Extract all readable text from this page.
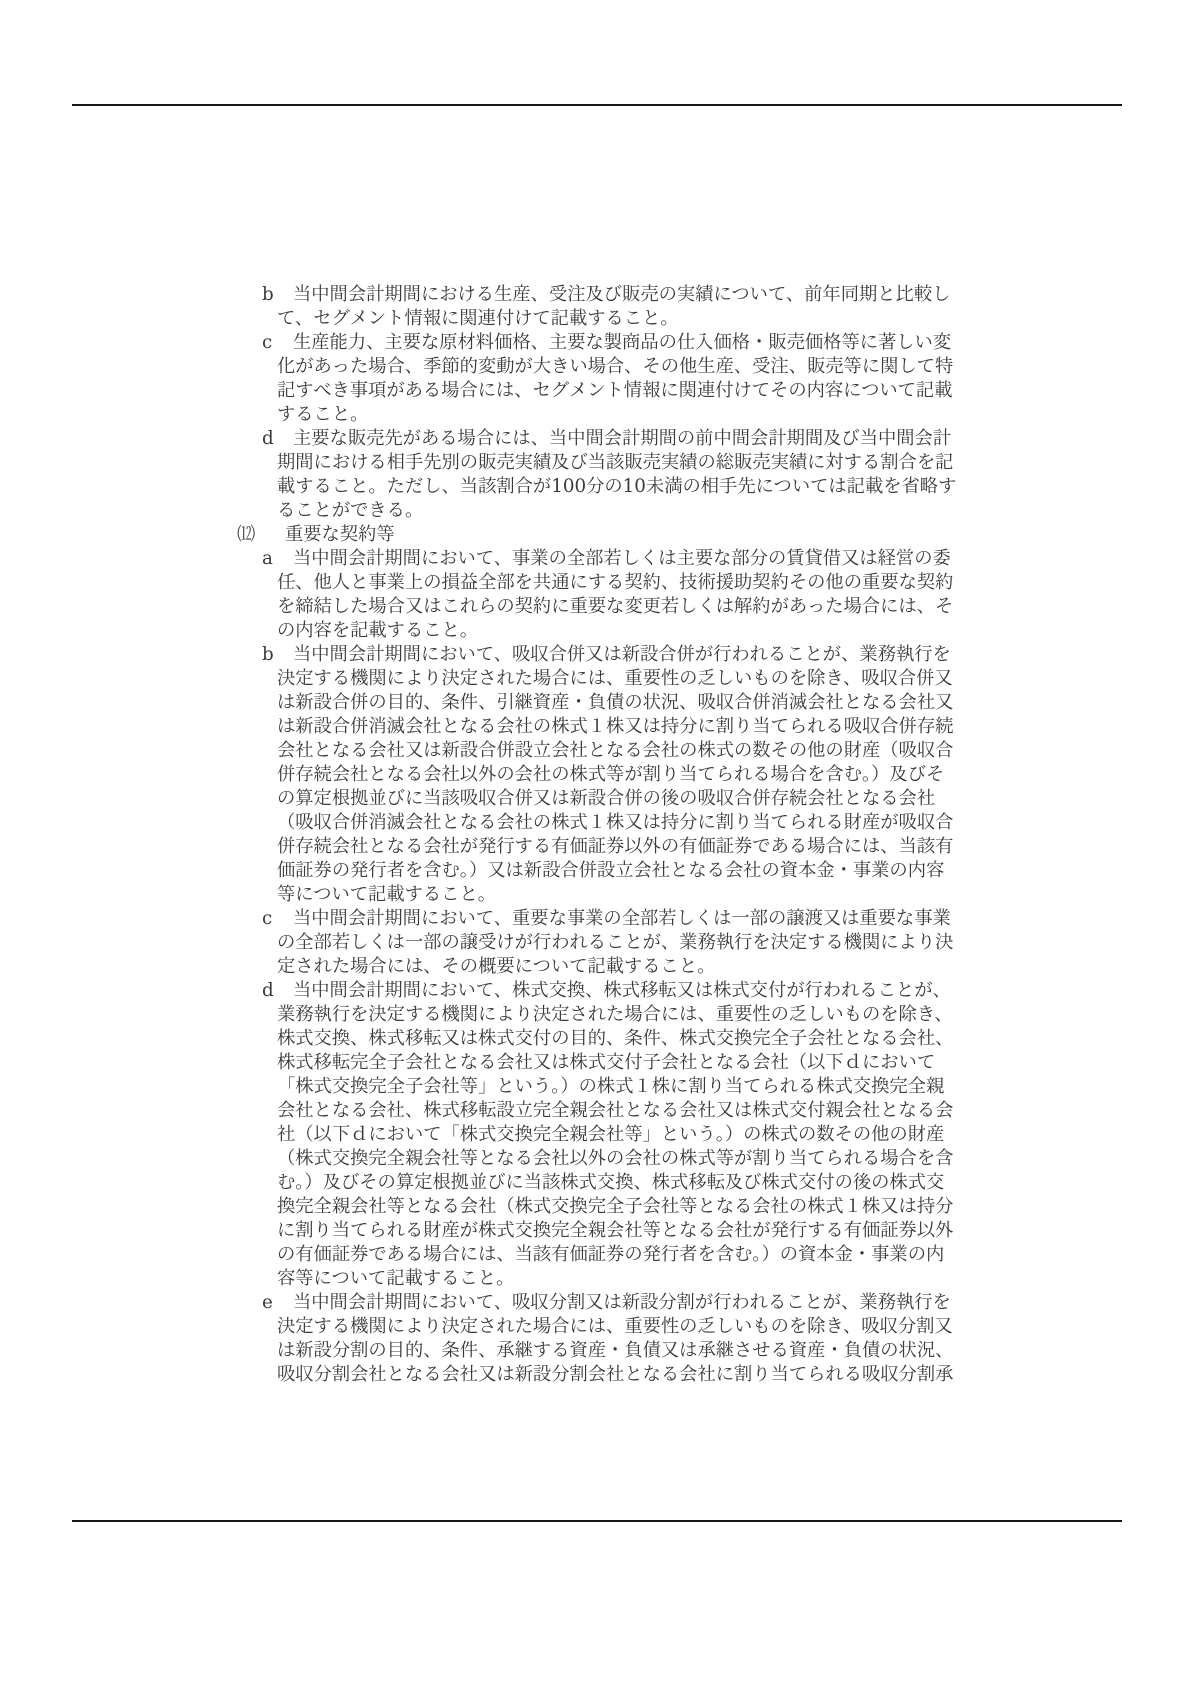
b	当中間会計期間における生産、受注及び販売の実績について、前年同期と比較し
て、セグメント情報に関連付けて記載すること。
c	生産能力、主要な原材料価格、主要な製商品の仕入価格・販売価格等に著しい変
化があった場合、季節的変動が大きい場合、その他生産、受注、販売等に関して特
記すべき事項がある場合には、セグメント情報に関連付けてその内容について記載
すること。
d	主要な販売先がある場合には、当中間会計期間の前中間会計期間及び当中間会計
期間における相手先別の販売実績及び当該販売実績の総販売実績に対する割合を記
載すること。ただし、当該割合が100分の10未満の相手先については記載を省略す
ることができる。
⑿	重要な契約等
a	当中間会計期間において、事業の全部若しくは主要な部分の賃貸借又は経営の委
任、他人と事業上の損益全部を共通にする契約、技術援助契約その他の重要な契約
を締結した場合又はこれらの契約に重要な変更若しくは解約があった場合には、そ
の内容を記載すること。
b	当中間会計期間において、吸収合併又は新設合併が行われることが、業務執行を
決定する機関により決定された場合には、重要性の乏しいものを除き、吸収合併又
は新設合併の目的、条件、引継資産・負債の状況、吸収合併消滅会社となる会社又
は新設合併消滅会社となる会社の株式１株又は持分に割り当てられる吸収合併存続
会社となる会社又は新設合併設立会社となる会社の株式の数その他の財産（吸収合
併存続会社となる会社以外の会社の株式等が割り当てられる場合を含む。）及びそ
の算定根拠並びに当該吸収合併又は新設合併の後の吸収合併存続会社となる会社
（吸収合併消滅会社となる会社の株式１株又は持分に割り当てられる財産が吸収合
併存続会社となる会社が発行する有価証券以外の有価証券である場合には、当該有
価証券の発行者を含む。）又は新設合併設立会社となる会社の資本金・事業の内容
等について記載すること。
c	当中間会計期間において、重要な事業の全部若しくは一部の譲渡又は重要な事業
の全部若しくは一部の譲受けが行われることが、業務執行を決定する機関により決
定された場合には、その概要について記載すること。
d	当中間会計期間において、株式交換、株式移転又は株式交付が行われることが、
業務執行を決定する機関により決定された場合には、重要性の乏しいものを除き、
株式交換、株式移転又は株式交付の目的、条件、株式交換完全子会社となる会社、
株式移転完全子会社となる会社又は株式交付子会社となる会社（以下ｄにおいて
「株式交換完全子会社等」という。）の株式１株に割り当てられる株式交換完全親
会社となる会社、株式移転設立完全親会社となる会社又は株式交付親会社となる会
社（以下ｄにおいて「株式交換完全親会社等」という。）の株式の数その他の財産
（株式交換完全親会社等となる会社以外の会社の株式等が割り当てられる場合を含
む。）及びその算定根拠並びに当該株式交換、株式移転及び株式交付の後の株式交
換完全親会社等となる会社（株式交換完全子会社等となる会社の株式１株又は持分
に割り当てられる財産が株式交換完全親会社等となる会社が発行する有価証券以外
の有価証券である場合には、当該有価証券の発行者を含む。）の資本金・事業の内
容等について記載すること。
e	当中間会計期間において、吸収分割又は新設分割が行われることが、業務執行を
決定する機関により決定された場合には、重要性の乏しいものを除き、吸収分割又
は新設分割の目的、条件、承継する資産・負債又は承継させる資産・負債の状況、
吸収分割会社となる会社又は新設分割会社となる会社に割り当てられる吸収分割承
